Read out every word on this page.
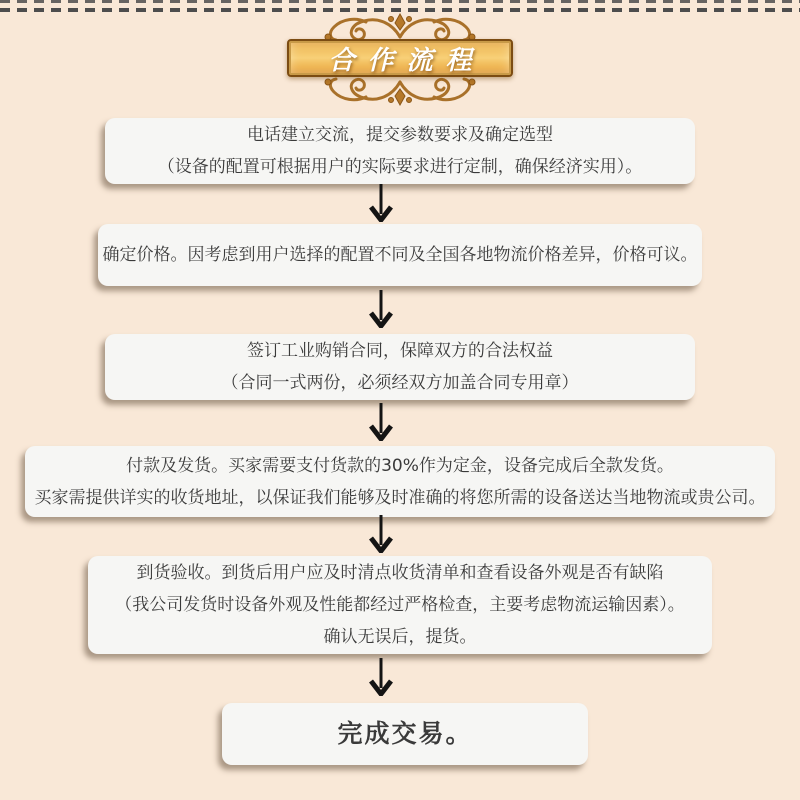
合作流程
电话建立交流，提交参数要求及确定选型
（设备的配置可根据用户的实际要求进行定制，确保经济实用）。
确定价格。因考虑到用户选择的配置不同及全国各地物流价格差异，价格可议。
签订工业购销合同，保障双方的合法权益
（合同一式两份，必须经双方加盖合同专用章）
付款及发货。买家需要支付货款的30%作为定金，设备完成后全款发货。
买家需提供详实的收货地址，以保证我们能够及时准确的将您所需的设备送达当地物流或贵公司。
到货验收。到货后用户应及时清点收货清单和查看设备外观是否有缺陷
（我公司发货时设备外观及性能都经过严格检查，主要考虑物流运输因素）。
确认无误后，提货。
完成交易。
